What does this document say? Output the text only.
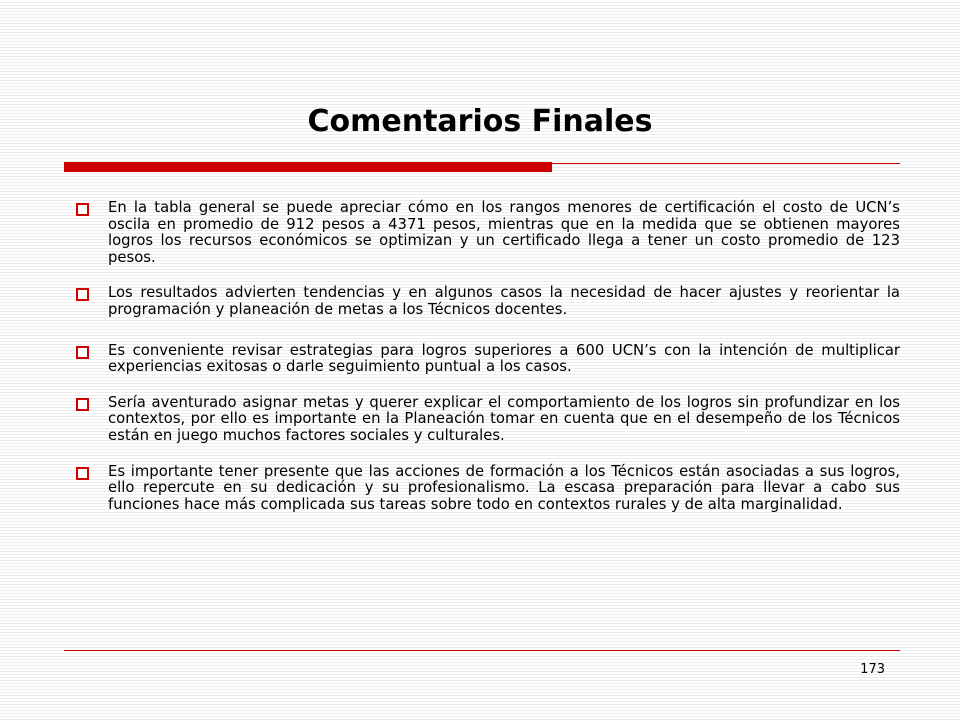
Comentarios Finales
En la tabla general se puede apreciar cómo en los rangos menores de certificación el costo de UCN’s oscila en promedio de 912 pesos a 4371 pesos, mientras que en la medida que se obtienen mayores logros los recursos económicos se optimizan y un certificado llega a tener un costo promedio de 123 pesos.
Los resultados advierten tendencias y en algunos casos la necesidad de hacer ajustes y reorientar la programación y planeación de metas a los Técnicos docentes.
Es conveniente revisar estrategias para logros superiores a 600 UCN’s con la intención de multiplicar experiencias exitosas o darle seguimiento puntual a los casos.
Sería aventurado asignar metas y querer explicar el comportamiento de los logros sin profundizar en los contextos, por ello es importante en la Planeación tomar en cuenta que en el desempeño de los Técnicos están en juego muchos factores sociales y culturales.
Es importante tener presente que las acciones de formación a los Técnicos están asociadas a sus logros, ello repercute en su dedicación y su profesionalismo. La escasa preparación para llevar a cabo sus funciones hace más complicada sus tareas sobre todo en contextos rurales y de alta marginalidad.
173
